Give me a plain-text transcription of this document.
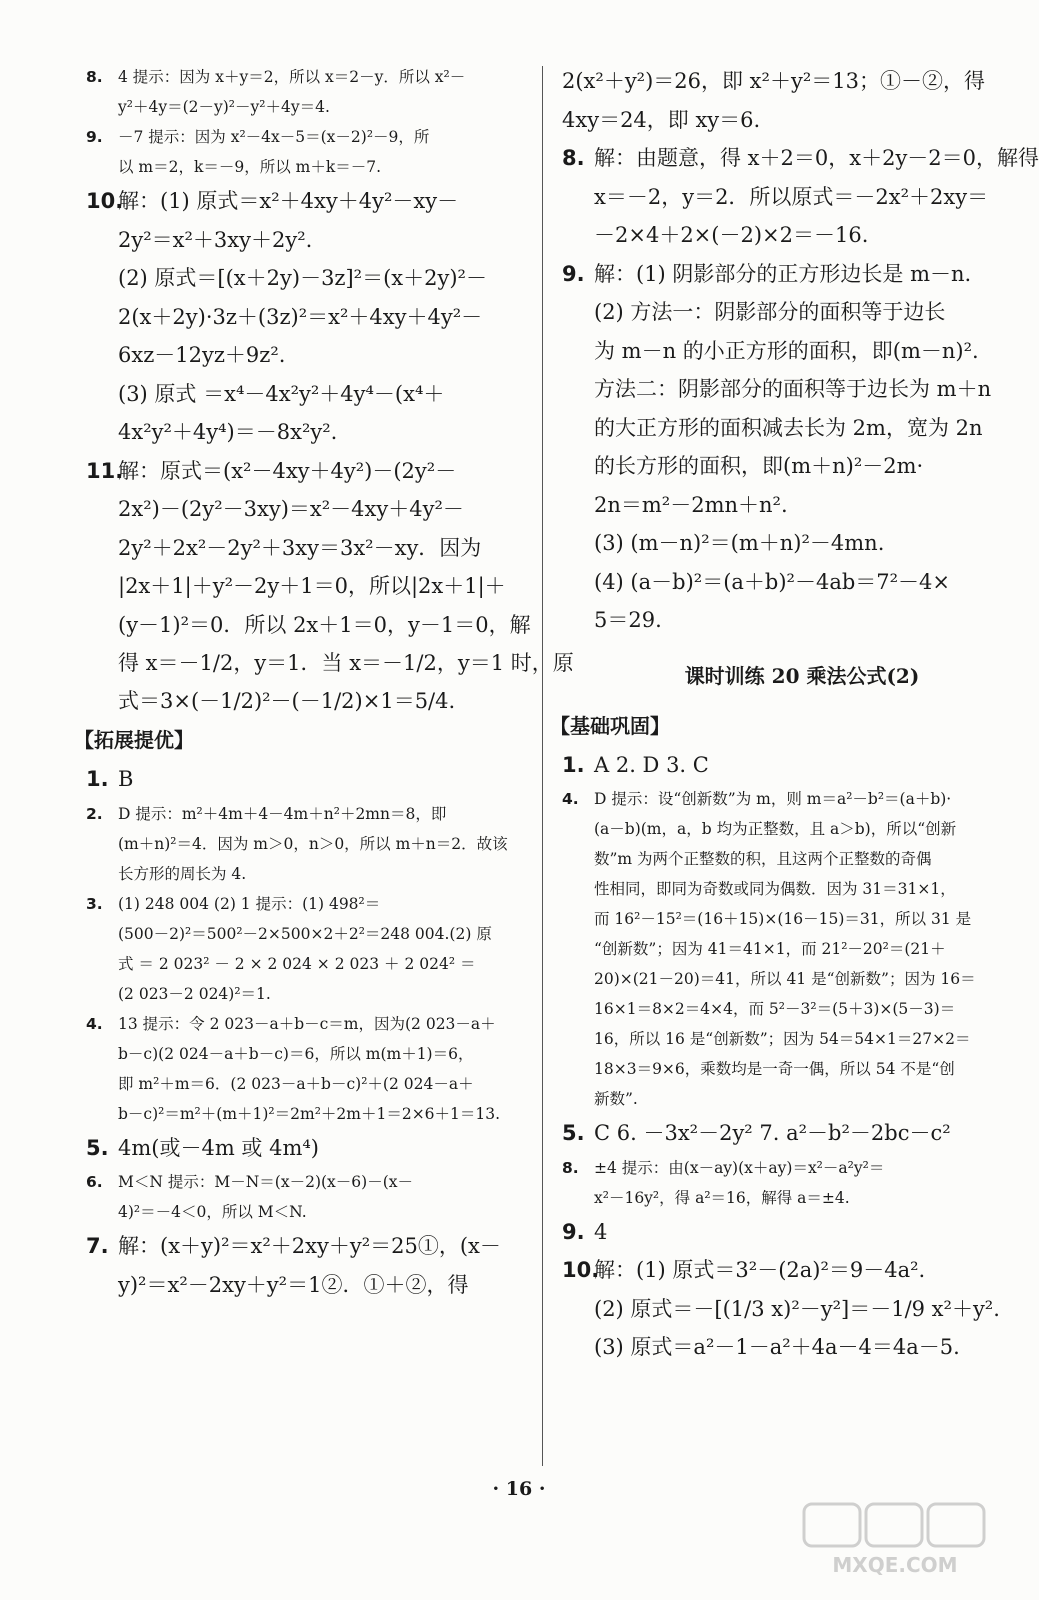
8. 4 提示：因为 x＋y＝2，所以 x＝2－y．所以 x²－
y²＋4y＝(2－y)²－y²＋4y＝4.
9. －7 提示：因为 x²－4x－5＝(x－2)²－9，所
以 m＝2，k＝－9，所以 m＋k＝－7.
10.解：(1) 原式＝x²＋4xy＋4y²－xy－
2y²＝x²＋3xy＋2y².
(2) 原式＝[(x＋2y)－3z]²＝(x＋2y)²－
2(x＋2y)·3z＋(3z)²＝x²＋4xy＋4y²－
6xz－12yz＋9z².
(3) 原式 ＝x⁴－4x²y²＋4y⁴－(x⁴＋
4x²y²＋4y⁴)＝－8x²y².
11.解：原式＝(x²－4xy＋4y²)－(2y²－
2x²)－(2y²－3xy)＝x²－4xy＋4y²－
2y²＋2x²－2y²＋3xy＝3x²－xy．因为
|2x＋1|＋y²－2y＋1＝0，所以|2x＋1|＋
(y－1)²＝0．所以 2x＋1＝0，y－1＝0，解
得 x＝－1/2，y＝1．当 x＝－1/2，y＝1 时，原
式＝3×(－1/2)²－(－1/2)×1＝5/4.
【拓展提优】
1. B
2. D 提示：m²＋4m＋4－4m＋n²＋2mn＝8，即
(m＋n)²＝4．因为 m＞0，n＞0，所以 m＋n＝2．故该
长方形的周长为 4.
3. (1) 248 004 (2) 1 提示：(1) 498²＝
(500－2)²＝500²－2×500×2＋2²＝248 004.(2) 原
式 ＝ 2 023² － 2 × 2 024 × 2 023 ＋ 2 024² ＝
(2 023－2 024)²＝1.
4. 13 提示：令 2 023－a＋b－c＝m，因为(2 023－a＋
b－c)(2 024－a＋b－c)＝6，所以 m(m＋1)＝6，
即 m²＋m＝6．(2 023－a＋b－c)²＋(2 024－a＋
b－c)²＝m²＋(m＋1)²＝2m²＋2m＋1＝2×6＋1＝13.
5. 4m(或－4m 或 4m⁴)
6. M＜N 提示：M－N＝(x－2)(x－6)－(x－
4)²＝－4＜0，所以 M＜N.
7. 解：(x＋y)²＝x²＋2xy＋y²＝25①，(x－
y)²＝x²－2xy＋y²＝1②．①＋②，得
2(x²＋y²)＝26，即 x²＋y²＝13；①－②，得
4xy＝24，即 xy＝6.
8. 解：由题意，得 x＋2＝0，x＋2y－2＝0，解得
x＝－2，y＝2．所以原式＝－2x²＋2xy＝
－2×4＋2×(－2)×2＝－16.
9. 解：(1) 阴影部分的正方形边长是 m－n.
(2) 方法一：阴影部分的面积等于边长
为 m－n 的小正方形的面积，即(m－n)².
方法二：阴影部分的面积等于边长为 m＋n
的大正方形的面积减去长为 2m，宽为 2n
的长方形的面积，即(m＋n)²－2m·
2n＝m²－2mn＋n².
(3) (m－n)²＝(m＋n)²－4mn.
(4) (a－b)²＝(a＋b)²－4ab＝7²－4×
5＝29.
课时训练 20 乘法公式(2)
【基础巩固】
1. A 2. D 3. C
4. D 提示：设“创新数”为 m，则 m＝a²－b²＝(a＋b)·
(a－b)(m，a，b 均为正整数，且 a＞b)，所以“创新
数”m 为两个正整数的积，且这两个正整数的奇偶
性相同，即同为奇数或同为偶数．因为 31＝31×1，
而 16²－15²＝(16＋15)×(16－15)＝31，所以 31 是
“创新数”；因为 41＝41×1，而 21²－20²＝(21＋
20)×(21－20)＝41，所以 41 是“创新数”；因为 16＝
16×1＝8×2＝4×4，而 5²－3²＝(5＋3)×(5－3)＝
16，所以 16 是“创新数”；因为 54＝54×1＝27×2＝
18×3＝9×6，乘数均是一奇一偶，所以 54 不是“创
新数”.
5. C 6. －3x²－2y² 7. a²－b²－2bc－c²
8. ±4 提示：由(x－ay)(x＋ay)＝x²－a²y²＝
x²－16y²，得 a²＝16，解得 a＝±4.
9. 4
10.解：(1) 原式＝3²－(2a)²＝9－4a².
(2) 原式＝－[(1/3 x)²－y²]＝－1/9 x²＋y².
(3) 原式＝a²－1－a²＋4a－4＝4a－5.
· 16 ·
MXQE.COM
